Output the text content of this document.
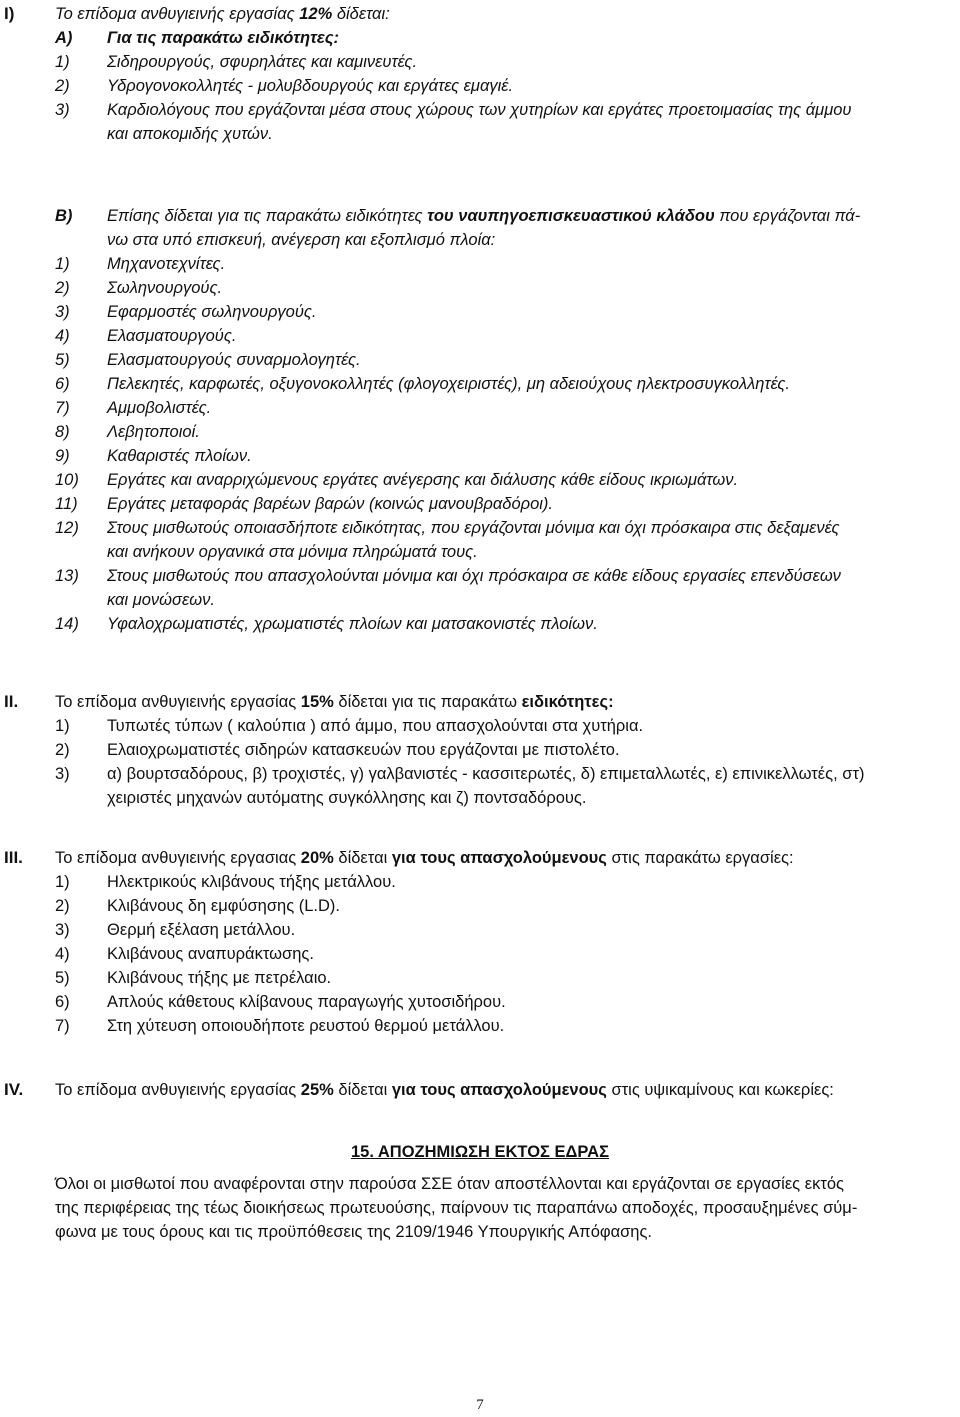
I) Το επίδομα ανθυγιεινής εργασίας 12% δίδεται:
A)	Για τις παρακάτω ειδικότητες:
1)	Σιδηρουργούς, σφυρηλάτες και καμινευτές.
2)	Υδρογονοκολλητές - μολυβδουργούς και εργάτες εμαγιέ.
3)	Καρδιολόγους που εργάζονται μέσα στους χώρους των χυτηρίων και εργάτες προετοιμασίας της άμμου
και αποκομιδής χυτών.
B)	Επίσης δίδεται για τις παρακάτω ειδικότητες του ναυπηγοεπισκευαστικού κλάδου που εργάζονται πά-
νω στα υπό επισκευή, ανέγερση και εξοπλισμό πλοία:
1)	Μηχανοτεχνίτες.
2)	Σωληνουργούς.
3)	Εφαρμοστές σωληνουργούς.
4)	Ελασματουργούς.
5)	Ελασματουργούς συναρμολογητές.
6)	Πελεκητές, καρφωτές, οξυγονοκολλητές (φλογοχειριστές), μη αδειούχους ηλεκτροσυγκολλητές.
7)	Αμμοβολιστές.
8)	Λεβητοποιοί.
9)	Καθαριστές πλοίων.
10)	Εργάτες και αναρριχώμενους εργάτες ανέγερσης και διάλυσης κάθε είδους ικριωμάτων.
11)	Εργάτες μεταφοράς βαρέων βαρών (κοινώς μανουβραδόροι).
12)	Στους μισθωτούς οποιασδήποτε ειδικότητας, που εργάζονται μόνιμα και όχι πρόσκαιρα στις δεξαμενές
και ανήκουν οργανικά στα μόνιμα πληρώματά τους.
13)	Στους μισθωτούς που απασχολούνται μόνιμα και όχι πρόσκαιρα σε κάθε είδους εργασίες επενδύσεων
και μονώσεων.
14)	Υφαλοχρωματιστές, χρωματιστές πλοίων και ματσακονιστές πλοίων.
II. Το επίδομα ανθυγιεινής εργασίας 15% δίδεται για τις παρακάτω ειδικότητες:
1)	Τυπωτές τύπων ( καλούπια ) από άμμο, που απασχολούνται στα χυτήρια.
2)	Ελαιοχρωματιστές σιδηρών κατασκευών που εργάζονται με πιστολέτο.
3)	α) βουρτσαδόρους, β) τροχιστές, γ) γαλβανιστές - κασσιτερωτές, δ) επιμεταλλωτές, ε) επινικελλωτές, στ)
χειριστές μηχανών αυτόματης συγκόλλησης και ζ) ποντσαδόρους.
III. Το επίδομα ανθυγιεινής εργασιας 20% δίδεται για τους απασχολούμενους στις παρακάτω εργασίες:
1)	Ηλεκτρικούς κλιβάνους τήξης μετάλλου.
2)	Κλιβάνους δη εμφύσησης (L.D).
3)	Θερμή εξέλαση μετάλλου.
4)	Κλιβάνους αναπυράκτωσης.
5)	Κλιβάνους τήξης με πετρέλαιο.
6)	Απλούς κάθετους κλίβανους παραγωγής χυτοσιδήρου.
7)	Στη χύτευση οποιουδήποτε ρευστού θερμού μετάλλου.
IV. Το επίδομα ανθυγιεινής εργασίας 25% δίδεται για τους απασχολούμενους στις υψικαμίνους και κωκερίες:
15. ΑΠΟΖΗΜΙΩΣΗ ΕΚΤΟΣ ΕΔΡΑΣ
Όλοι οι μισθωτοί που αναφέρονται στην παρούσα ΣΣΕ όταν αποστέλλονται και εργάζονται σε εργασίες εκτός
της περιφέρειας της τέως διοικήσεως πρωτευούσης, παίρνουν τις παραπάνω αποδοχές, προσαυξημένες σύμ-
φωνα με τους όρους και τις προϋπόθεσεις της 2109/1946 Υπουργικής Απόφασης.
7
